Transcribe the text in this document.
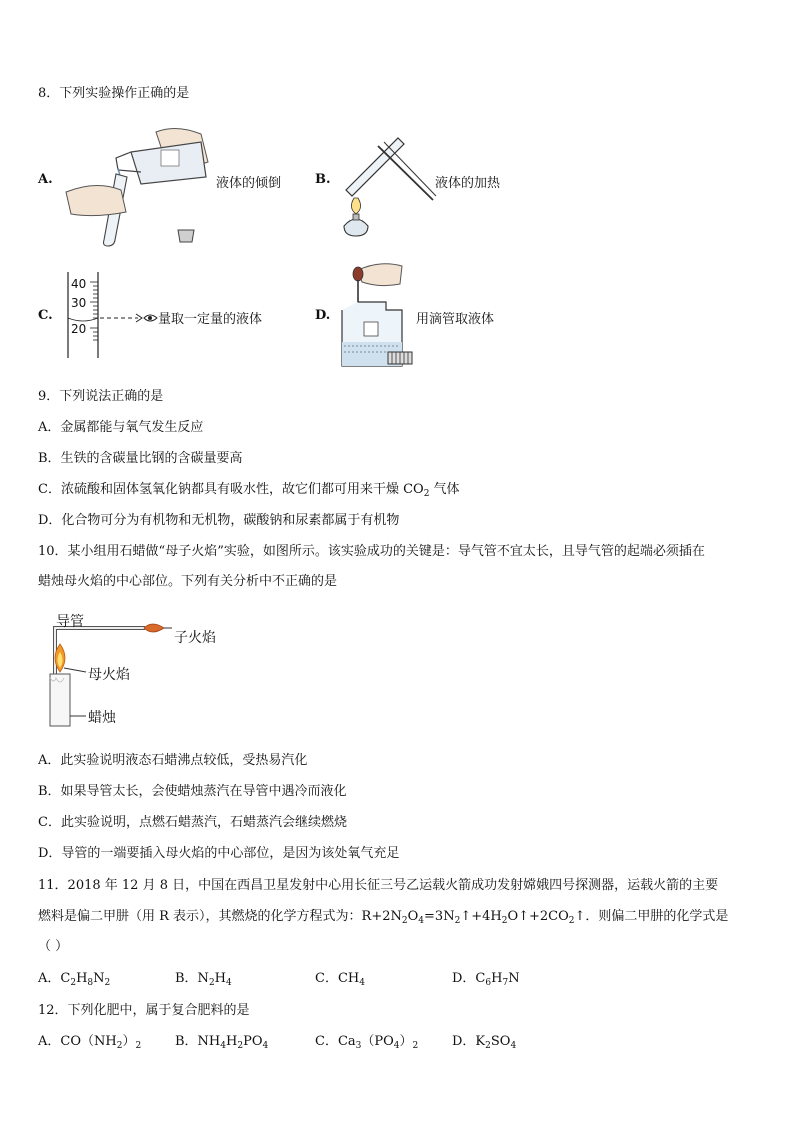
8．下列实验操作正确的是
A.	液体的倾倒	B.	液体的加热
C.
40
30
20
量取一定量的液体	D.	用滴管取液体
9．下列说法正确的是
A．金属都能与氧气发生反应
B．生铁的含碳量比钢的含碳量要高
C．浓硫酸和固体氢氧化钠都具有吸水性，故它们都可用来干燥 $CO_2$ 气体
D．化合物可分为有机物和无机物，碳酸钠和尿素都属于有机物
10．某小组用石蜡做“母子火焰”实验，如图所示。该实验成功的关键是：导气管不宜太长，且导气管的起端必须插在
蜡烛母火焰的中心部位。下列有关分析中不正确的是
导管
子火焰
母火焰
蜡烛
A．此实验说明液态石蜡沸点较低，受热易汽化
B．如果导管太长，会使蜡烛蒸汽在导管中遇冷而液化
C．此实验说明，点燃石蜡蒸汽，石蜡蒸汽会继续燃烧
D．导管的一端要插入母火焰的中心部位，是因为该处氧气充足
11．2018 年 12 月 8 日，中国在西昌卫星发射中心用长征三号乙运载火箭成功发射嫦娥四号探测器，运载火箭的主要
燃料是偏二甲肼（用 R 表示），其燃烧的化学方程式为：$R+2N_2O_4=3N_2↑+4H_2O↑+2CO_2↑$．则偏二甲肼的化学式是
（ ）
A．$C_2H_8N_2$	B．$N_2H_4$	C．$CH_4$	D．$C_6H_7N$
12．下列化肥中，属于复合肥料的是
A．$CO(NH_2)_2$	B．$NH_4H_2PO_4$	C．$Ca_3(PO_4)_2$	D．$K_2SO_4$
